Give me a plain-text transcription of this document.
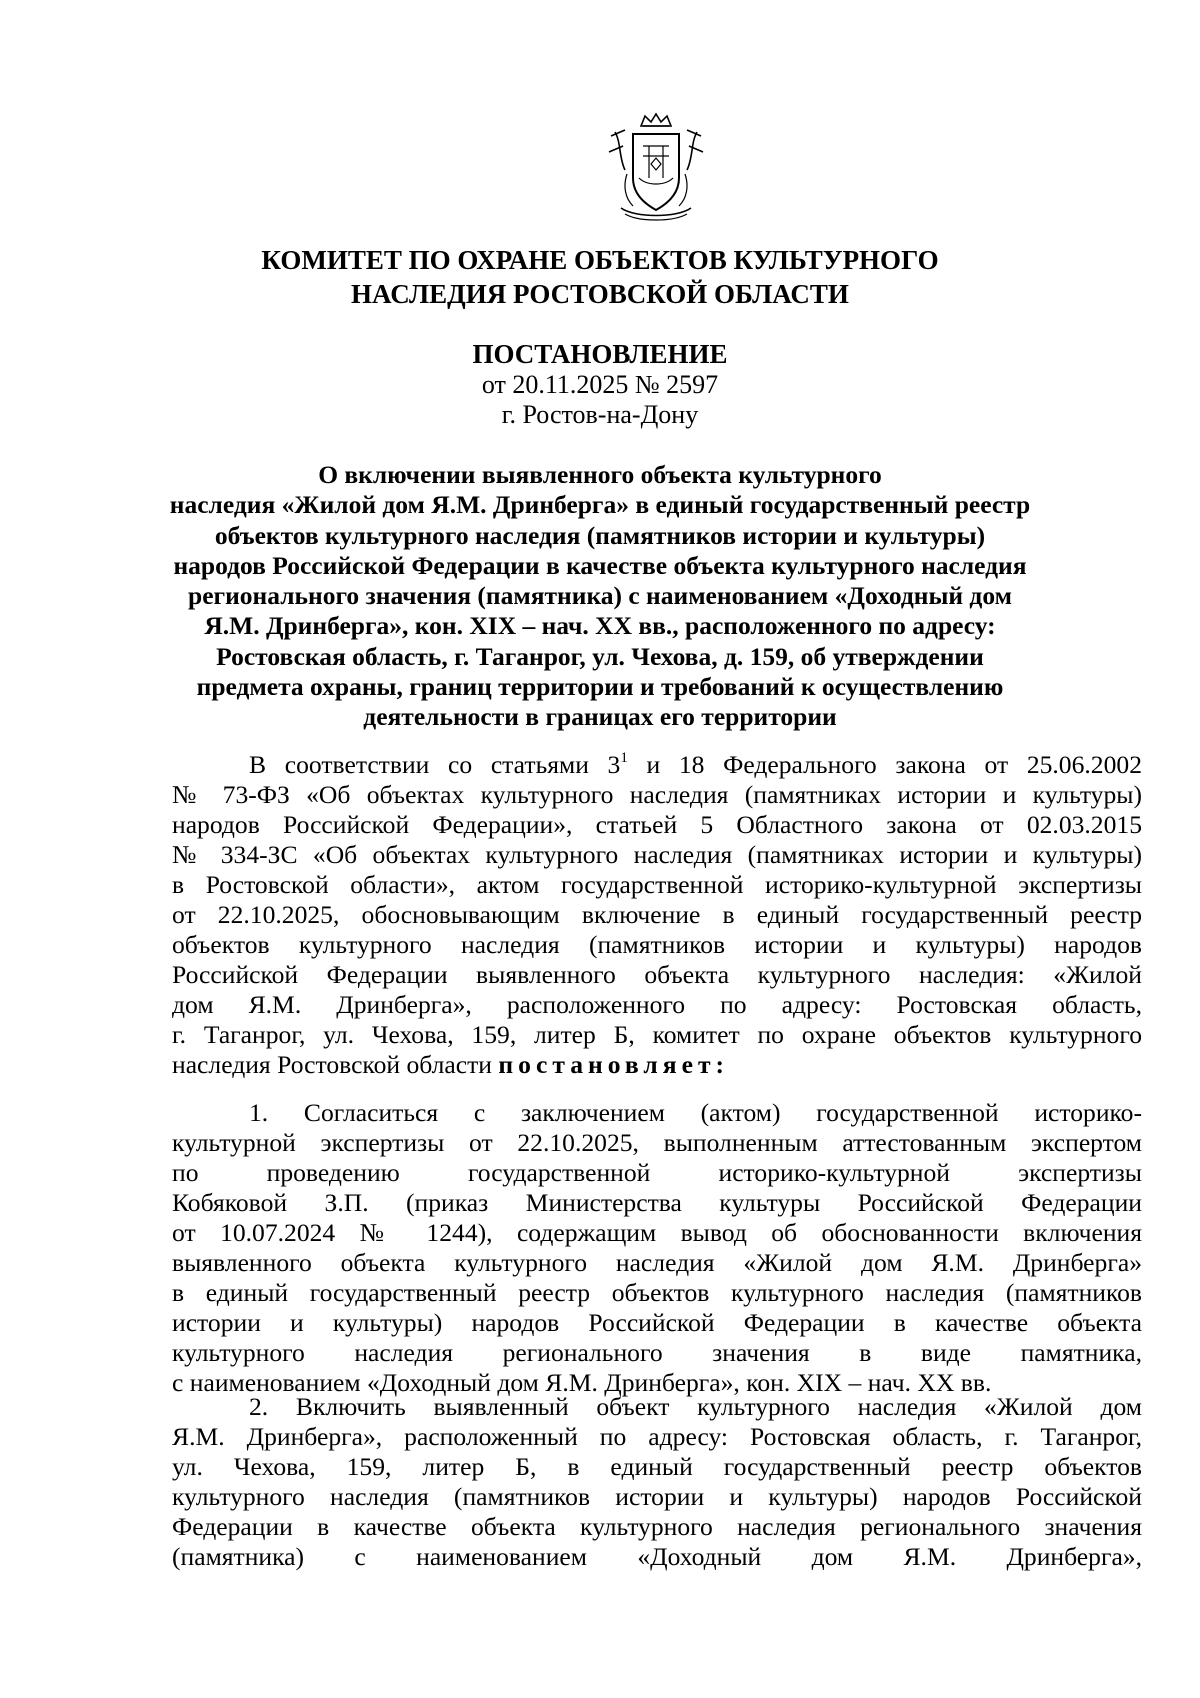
КОМИТЕТ ПО ОХРАНЕ ОБЪЕКТОВ КУЛЬТУРНОГО
НАСЛЕДИЯ РОСТОВСКОЙ ОБЛАСТИ
ПОСТАНОВЛЕНИЕ
от 20.11.2025 № 2597
г. Ростов-на-Дону
О включении выявленного объекта культурного
наследия «Жилой дом Я.М. Дринберга» в единый государственный реестр
объектов культурного наследия (памятников истории и культуры)
народов Российской Федерации в качестве объекта культурного наследия
регионального значения (памятника) с наименованием «Доходный дом
Я.М. Дринберга», кон. XIX – нач. XX вв., расположенного по адресу:
Ростовская область, г. Таганрог, ул. Чехова, д. 159, об утверждении
предмета охраны, границ территории и требований к осуществлению
деятельности в границах его территории
В соответствии со статьями $3^1$ и 18 Федерального закона от 25.06.2002
№ 73-ФЗ «Об объектах культурного наследия (памятниках истории и культуры)
народов Российской Федерации», статьей 5 Областного закона от 02.03.2015
№ 334-ЗС «Об объектах культурного наследия (памятниках истории и культуры)
в Ростовской области», актом государственной историко-культурной экспертизы
от 22.10.2025, обосновывающим включение в единый государственный реестр
объектов культурного наследия (памятников истории и культуры) народов
Российской Федерации выявленного объекта культурного наследия: «Жилой
дом Я.М. Дринберга», расположенного по адресу: Ростовская область,
г. Таганрог, ул. Чехова, 159, литер Б, комитет по охране объектов культурного
наследия Ростовской области постановляет:
1. Согласиться с заключением (актом) государственной историко-
культурной экспертизы от 22.10.2025, выполненным аттестованным экспертом
по проведению государственной историко-культурной экспертизы
Кобяковой З.П. (приказ Министерства культуры Российской Федерации
от 10.07.2024 № 1244), содержащим вывод об обоснованности включения
выявленного объекта культурного наследия «Жилой дом Я.М. Дринберга»
в единый государственный реестр объектов культурного наследия (памятников
истории и культуры) народов Российской Федерации в качестве объекта
культурного наследия регионального значения в виде памятника,
с наименованием «Доходный дом Я.М. Дринберга», кон. XIX – нач. XX вв.
2. Включить выявленный объект культурного наследия «Жилой дом
Я.М. Дринберга», расположенный по адресу: Ростовская область, г. Таганрог,
ул. Чехова, 159, литер Б, в единый государственный реестр объектов
культурного наследия (памятников истории и культуры) народов Российской
Федерации в качестве объекта культурного наследия регионального значения
(памятника) с наименованием «Доходный дом Я.М. Дринберга»,
